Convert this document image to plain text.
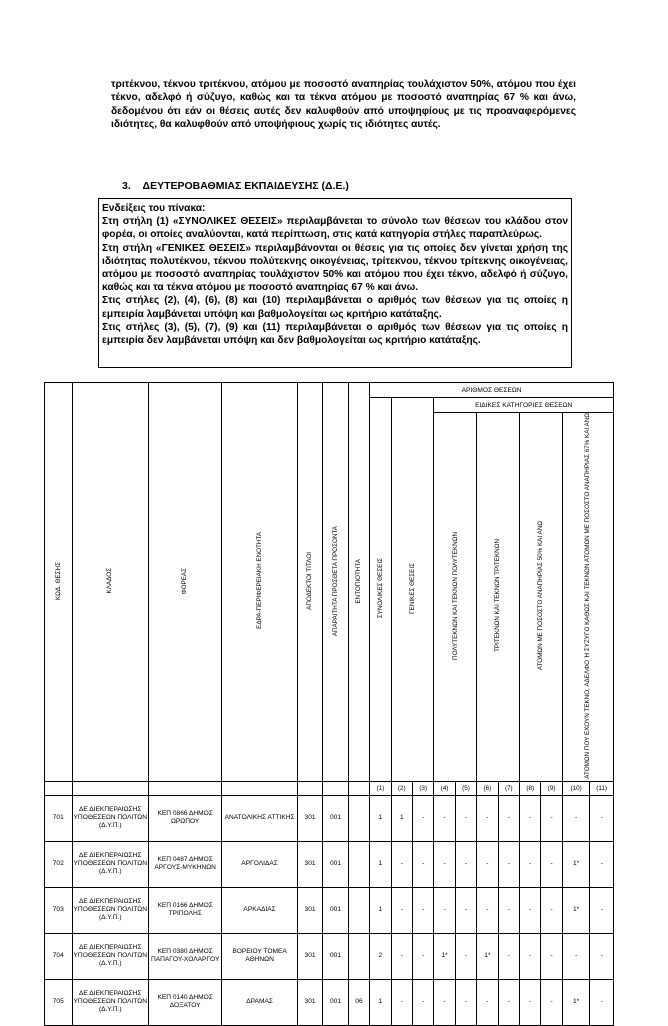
τριτέκνου, τέκνου τριτέκνου, ατόμου με ποσοστό αναπηρίας τουλάχιστον 50%, ατόμου που έχει τέκνο, αδελφό ή σύζυγο, καθώς και τα τέκνα ατόμου με ποσοστό αναπηρίας 67 % και άνω, δεδομένου ότι εάν οι θέσεις αυτές δεν καλυφθούν από υποψηφίους με τις προαναφερόμενες ιδιότητες, θα καλυφθούν από υποψήφιους χωρίς τις ιδιότητες αυτές.
3. ΔΕΥΤΕΡΟΒΑΘΜΙΑΣ ΕΚΠΑΙΔΕΥΣΗΣ (Δ.Ε.)

Ενδείξεις του πίνακα:

Στη στήλη (1) «ΣΥΝΟΛΙΚΕΣ ΘΕΣΕΙΣ» περιλαμβάνεται το σύνολο των θέσεων του κλάδου στον φορέα, οι οποίες αναλύονται, κατά περίπτωση, στις κατά κατηγορία στήλες παραπλεύρως.

Στη στήλη «ΓΕΝΙΚΕΣ ΘΕΣΕΙΣ» περιλαμβάνονται οι θέσεις για τις οποίες δεν γίνεται χρήση της ιδιότητας πολυτέκνου, τέκνου πολύτεκνης οικογένειας, τρίτεκνου, τέκνου τρίτεκνης οικογένειας, ατόμου με ποσοστό αναπηρίας τουλάχιστον 50% και ατόμου που έχει τέκνο, αδελφό ή σύζυγο, καθώς και τα τέκνα ατόμου με ποσοστό αναπηρίας 67 % και άνω.

Στις στήλες (2), (4), (6), (8) και (10) περιλαμβάνεται ο αριθμός των θέσεων για τις οποίες η εμπειρία λαμβάνεται υπόψη και βαθμολογείται ως κριτήριο κατάταξης.

Στις στήλες (3), (5), (7), (9) και (11) περιλαμβάνεται ο αριθμός των θέσεων για τις οποίες η εμπειρία δεν λαμβάνεται υπόψη και δεν βαθμολογείται ως κριτήριο κατάταξης.

ΚΩΔ. ΘΕΣΗΣ	ΚΛΑΔΟΣ	ΦΟΡΕΑΣ	ΕΔΡΑ-ΠΕΡΙΦΕΡΕΙΑΚΗ ΕΝΟΤΗΤΑ	ΑΠΟΔΕΚΤΟΙ ΤΙΤΛΟΙ	ΑΠΑΡΑΙΤΗΤΑ ΠΡΟΣΘΕΤΑ ΠΡΟΣΟΝΤΑ	ΕΝΤΟΠΙΟΤΗΤΑ	ΑΡΙΘΜΟΣ ΘΕΣΕΩΝ										
							ΣΥΝΟΛΙΚΕΣ ΘΕΣΕΙΣ	ΓΕΝΙΚΕΣ ΘΕΣΕΙΣ		ΕΙΔΙΚΕΣ ΚΑΤΗΓΟΡΙΕΣ ΘΕΣΕΩΝ							
										ΠΟΛΥΤΕΚΝΩΝ ΚΑΙ ΤΕΚΝΩΝ ΠΟΛΥΤΕΚΝΩΝ		ΤΡΙΤΕΚΝΩΝ ΚΑΙ ΤΕΚΝΩΝ ΤΡΙΤΕΚΝΩΝ		ΑΤΟΜΩΝ ΜΕ ΠΟΣΟΣΤΟ ΑΝΑΠΗΡΙΑΣ 50% ΚΑΙ ΑΝΩ		ΑΤΟΜΩΝ ΠΟΥ ΕΧΟΥΝ ΤΕΚΝΟ, ΑΔΕΛΦΟ Ή ΣΥΖΥΓΟ ΚΑΘΩΣ ΚΑΙ ΤΕΚΝΩΝ ΑΤΟΜΩΝ ΜΕ ΠΟΣΟΣΤΟ ΑΝΑΠΗΡΙΑΣ 67% ΚΑΙ ΑΝΩ	
							(1)	(2)	(3)	(4)	(5)	(6)	(7)	(8)	(9)	(10)	(11)
701	ΔΕ ΔΙΕΚΠΕΡΑΙΩΣΗΣ ΥΠΟΘΕΣΕΩΝ ΠΟΛΙΤΩΝ (Δ.Υ.Π.)	ΚΕΠ 0866 ΔΗΜΟΣ ΩΡΩΠΟΥ	ΑΝΑΤΟΛΙΚΗΣ ΑΤΤΙΚΗΣ	301	001		1	1	-	-	-	-	-	-	-	-	-
702	ΔΕ ΔΙΕΚΠΕΡΑΙΩΣΗΣ ΥΠΟΘΕΣΕΩΝ ΠΟΛΙΤΩΝ (Δ.Υ.Π.)	ΚΕΠ 0487 ΔΗΜΟΣ ΑΡΓΟΥΣ-ΜΥΚΗΝΩΝ	ΑΡΓΟΛΙΔΑΣ	301	001		1	-	-	-	-	-	-	-	-	1*	-
703	ΔΕ ΔΙΕΚΠΕΡΑΙΩΣΗΣ ΥΠΟΘΕΣΕΩΝ ΠΟΛΙΤΩΝ (Δ.Υ.Π.)	ΚΕΠ 0166 ΔΗΜΟΣ ΤΡΙΠΟΛΗΣ	ΑΡΚΑΔΙΑΣ	301	001		1	-	-	-	-	-	-	-	-	1*	-
704	ΔΕ ΔΙΕΚΠΕΡΑΙΩΣΗΣ ΥΠΟΘΕΣΕΩΝ ΠΟΛΙΤΩΝ (Δ.Υ.Π.)	ΚΕΠ 0380 ΔΗΜΟΣ ΠΑΠΑΓΟΥ-ΧΟΛΑΡΓΟΥ	ΒΟΡΕΙΟΥ ΤΟΜΕΑ ΑΘΗΝΩΝ	301	001		2	-	-	1*	-	1*	-	-	-	-	-
705	ΔΕ ΔΙΕΚΠΕΡΑΙΩΣΗΣ ΥΠΟΘΕΣΕΩΝ ΠΟΛΙΤΩΝ (Δ.Υ.Π.)	ΚΕΠ 0140 ΔΗΜΟΣ ΔΟΞΑΤΟΥ	ΔΡΑΜΑΣ	301	001	06	1	-	-	-	-	-	-	-	-	1*	-
